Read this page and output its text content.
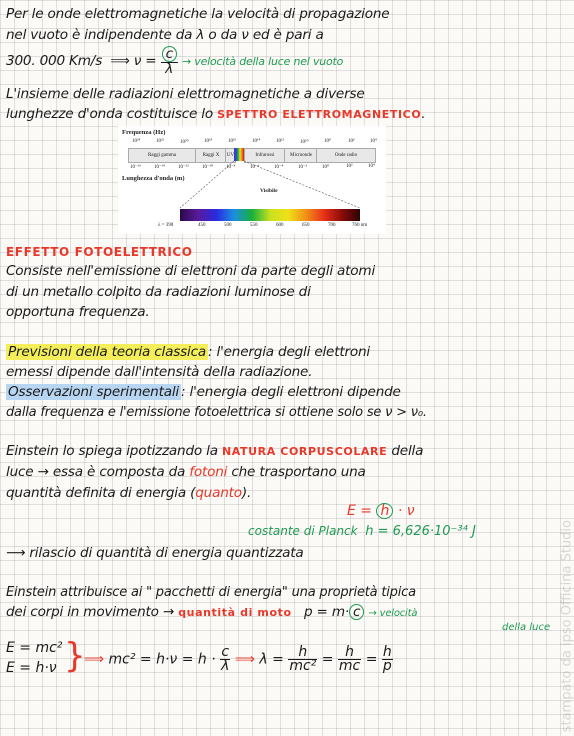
Per le onde elettromagnetiche la velocità di propagazione
nel vuoto è indipendente da λ o da ν ed è pari a
300. 000 Km/s ⟹ $\nu = \frac{c}{\lambda}$ → velocità della luce nel vuoto
L'insieme delle radiazioni elettromagnetiche a diverse
lunghezze d'onda costituisce lo SPETTRO ELETTROMAGNETICO.
Frequenza (Hz)
10²⁴	10²²	10²⁰	10¹⁸	10¹⁶	10¹⁴	10¹²	10¹⁰	10⁸	10⁶	10⁴
Raggi gamma	Raggi X	UV	Infrarossi	Microonde	Onde radio
10⁻¹⁶	10⁻¹⁴	10⁻¹²	10⁻¹⁰	10⁻⁸	10⁻⁶	10⁻⁴	10⁻²	10⁰	10²	10⁴
Lunghezza d'onda (m)
Visibile
λ = 390	450	500	550	600	650	700	760 nm
EFFETTO FOTOELETTRICO
Consiste nell'emissione di elettroni da parte degli atomi
di un metallo colpito da radiazioni luminose di
opportuna frequenza.
Previsioni della teoria classica : l'energia degli elettroni
emessi dipende dall'intensità della radiazione.
Osservazioni sperimentali : l'energia degli elettroni dipende
dalla frequenza e l'emissione fotoelettrica si ottiene solo se ν > ν₀.
Einstein lo spiega ipotizzando la NATURA CORPUSCOLARE della
luce → essa è composta da fotoni che trasportano una
quantità definita di energia (quanto).
E = h · ν
costante di Planck h = 6,626·10⁻³⁴ J
⟶ rilascio di quantità di energia quantizzata
Einstein attribuisce ai " pacchetti di energia" una proprietà tipica
dei corpi in movimento → quantità di moto p = m· c → velocità
della luce
E = mc²
E = h·ν }
⟹ $mc^2 = h\cdot\nu = h \cdot \frac{c}{\lambda}$ ⟹ $\lambda = \frac{h}{\text{mc²}} = \frac{h}{mc} = \frac{h}{p}$	stampato da ipso Officina Studio
